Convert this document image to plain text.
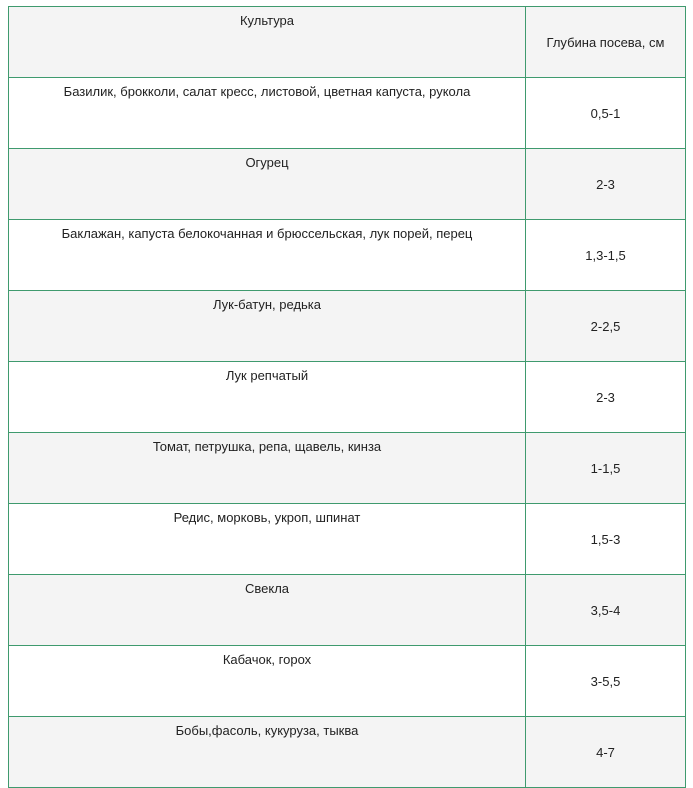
Культура	Глубина посева, см
Базилик, брокколи, салат кресс, листовой, цветная капуста, рукола	0,5-1
Огурец	2-3
Баклажан, капуста белокочанная и брюссельская, лук порей, перец	1,3-1,5
Лук-батун, редька	2-2,5
Лук репчатый	2-3
Томат, петрушка, репа, щавель, кинза	1-1,5
Редис, морковь, укроп, шпинат	1,5-3
Свекла	3,5-4
Кабачок, горох	3-5,5
Бобы,фасоль, кукуруза, тыква	4-7
